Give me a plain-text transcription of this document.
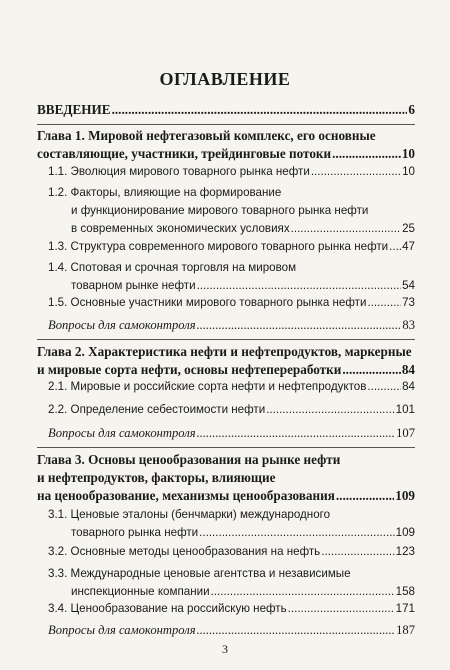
ОГЛАВЛЕНИЕ
ВВЕДЕНИЕ .....	6
Глава 1. Мировой нефтегазовый комплекс, его основные
составляющие, участники, трейдинговые потоки .....	10
1.1. Эволюция мирового товарного рынка нефти .....	10
1.2. Факторы, влияющие на формирование
и функционирование мирового товарного рынка нефти
в современных экономических условиях .....	25
1.3. Структура современного мирового товарного рынка нефти ..... 47
1.4. Спотовая и срочная торговля на мировом
товарном рынке нефти .....	54
1.5. Основные участники мирового товарного рынка нефти .....	73
Вопросы для самоконтроля .....	83
Глава 2. Характеристика нефти и нефтепродуктов, маркерные
и мировые сорта нефти, основы нефтепереработки .....	84
2.1. Мировые и российские сорта нефти и нефтепродуктов .....	84
2.2. Определение себестоимости нефти .....	101
Вопросы для самоконтроля .....	107
Глава 3. Основы ценообразования на рынке нефти
и нефтепродуктов, факторы, влияющие
на ценообразование, механизмы ценообразования .....	109
3.1. Ценовые эталоны (бенчмарки) международного
товарного рынка нефти .....	109
3.2. Основные методы ценообразования на нефть .....	123
3.3. Международные ценовые агентства и независимые
инспекционные компании .....	158
3.4. Ценообразование на российскую нефть .....	171
Вопросы для самоконтроля .....	187
3
